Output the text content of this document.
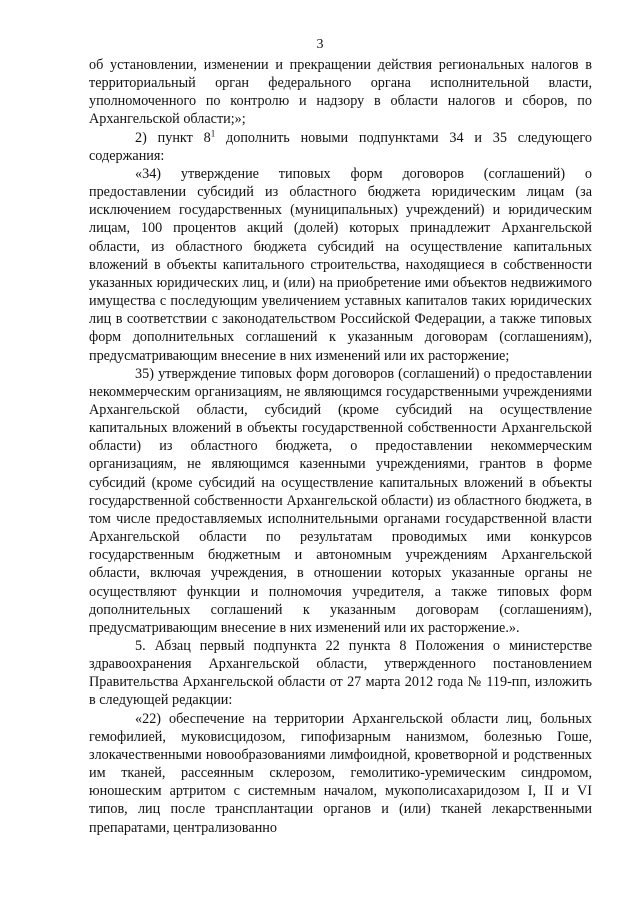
3

об установлении, изменении и прекращении действия региональных налогов в территориальный орган федерального органа исполнительной власти, уполномоченного по контролю и надзору в области налогов и сборов, по Архангельской области;»;

2) пункт $8^1$ дополнить новыми подпунктами 34 и 35 следующего содержания:

«34) утверждение типовых форм договоров (соглашений) о предоставлении субсидий из областного бюджета юридическим лицам (за исключением государственных (муниципальных) учреждений) и юридическим лицам, 100 процентов акций (долей) которых принадлежит Архангельской области, из областного бюджета субсидий на осуществление капитальных вложений в объекты капитального строительства, находящиеся в собственности указанных юридических лиц, и (или) на приобретение ими объектов недвижимого имущества с последующим увеличением уставных капиталов таких юридических лиц в соответствии с законодательством Российской Федерации, а также типовых форм дополнительных соглашений к указанным договорам (соглашениям), предусматривающим внесение в них изменений или их расторжение;

35) утверждение типовых форм договоров (соглашений) о предоставлении некоммерческим организациям, не являющимся государственными учреждениями Архангельской области, субсидий (кроме субсидий на осуществление капитальных вложений в объекты государственной собственности Архангельской области) из областного бюджета, о предоставлении некоммерческим организациям, не являющимся казенными учреждениями, грантов в форме субсидий (кроме субсидий на осуществление капитальных вложений в объекты государственной собственности Архангельской области) из областного бюджета, в том числе предоставляемых исполнительными органами государственной власти Архангельской области по результатам проводимых ими конкурсов государственным бюджетным и автономным учреждениям Архангельской области, включая учреждения, в отношении которых указанные органы не осуществляют функции и полномочия учредителя, а также типовых форм дополнительных соглашений к указанным договорам (соглашениям), предусматривающим внесение в них изменений или их расторжение.».

5. Абзац первый подпункта 22 пункта 8 Положения о министерстве здравоохранения Архангельской области, утвержденного постановлением Правительства Архангельской области от 27 марта 2012 года № 119-пп, изложить в следующей редакции:

«22) обеспечение на территории Архангельской области лиц, больных гемофилией, муковисцидозом, гипофизарным нанизмом, болезнью Гоше, злокачественными новообразованиями лимфоидной, кроветворной и родственных им тканей, рассеянным склерозом, гемолитико-уремическим синдромом, юношеским артритом с системным началом, мукополисахаридозом I, II и VI типов, лиц после трансплантации органов и (или) тканей лекарственными препаратами, централизованно
